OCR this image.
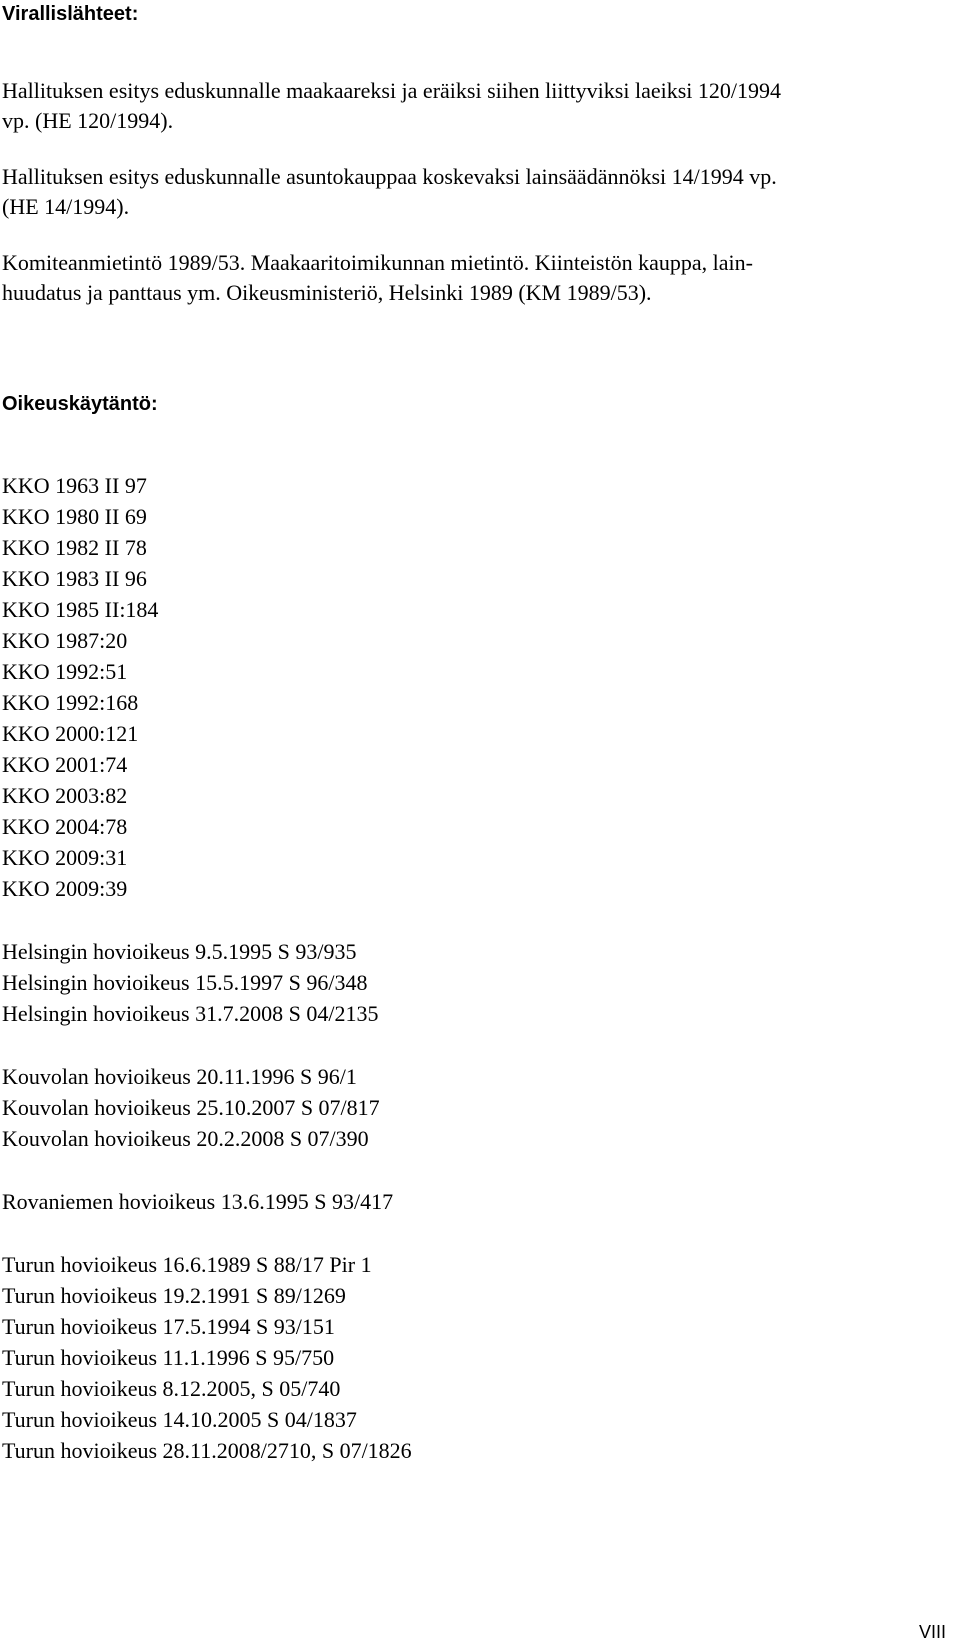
Virallislähteet:

Hallituksen esitys eduskunnalle maakaareksi ja eräiksi siihen liittyviksi laeiksi 120/1994
vp. (HE 120/1994).

Hallituksen esitys eduskunnalle asuntokauppaa koskevaksi lainsäädännöksi 14/1994 vp.
(HE 14/1994).

Komiteanmietintö 1989/53. Maakaaritoimikunnan mietintö. Kiinteistön kauppa, lain-
huudatus ja panttaus ym. Oikeusministeriö, Helsinki 1989 (KM 1989/53).

Oikeuskäytäntö:
KKO 1963 II 97
KKO 1980 II 69
KKO 1982 II 78
KKO 1983 II 96
KKO 1985 II:184
KKO 1987:20
KKO 1992:51
KKO 1992:168
KKO 2000:121
KKO 2001:74
KKO 2003:82
KKO 2004:78
KKO 2009:31
KKO 2009:39
Helsingin hovioikeus 9.5.1995 S 93/935
Helsingin hovioikeus 15.5.1997 S 96/348
Helsingin hovioikeus 31.7.2008 S 04/2135
Kouvolan hovioikeus 20.11.1996 S 96/1
Kouvolan hovioikeus 25.10.2007 S 07/817
Kouvolan hovioikeus 20.2.2008 S 07/390
Rovaniemen hovioikeus 13.6.1995 S 93/417
Turun hovioikeus 16.6.1989 S 88/17 Pir 1
Turun hovioikeus 19.2.1991 S 89/1269
Turun hovioikeus 17.5.1994 S 93/151
Turun hovioikeus 11.1.1996 S 95/750
Turun hovioikeus 8.12.2005, S 05/740
Turun hovioikeus 14.10.2005 S 04/1837
Turun hovioikeus 28.11.2008/2710, S 07/1826
VIII
